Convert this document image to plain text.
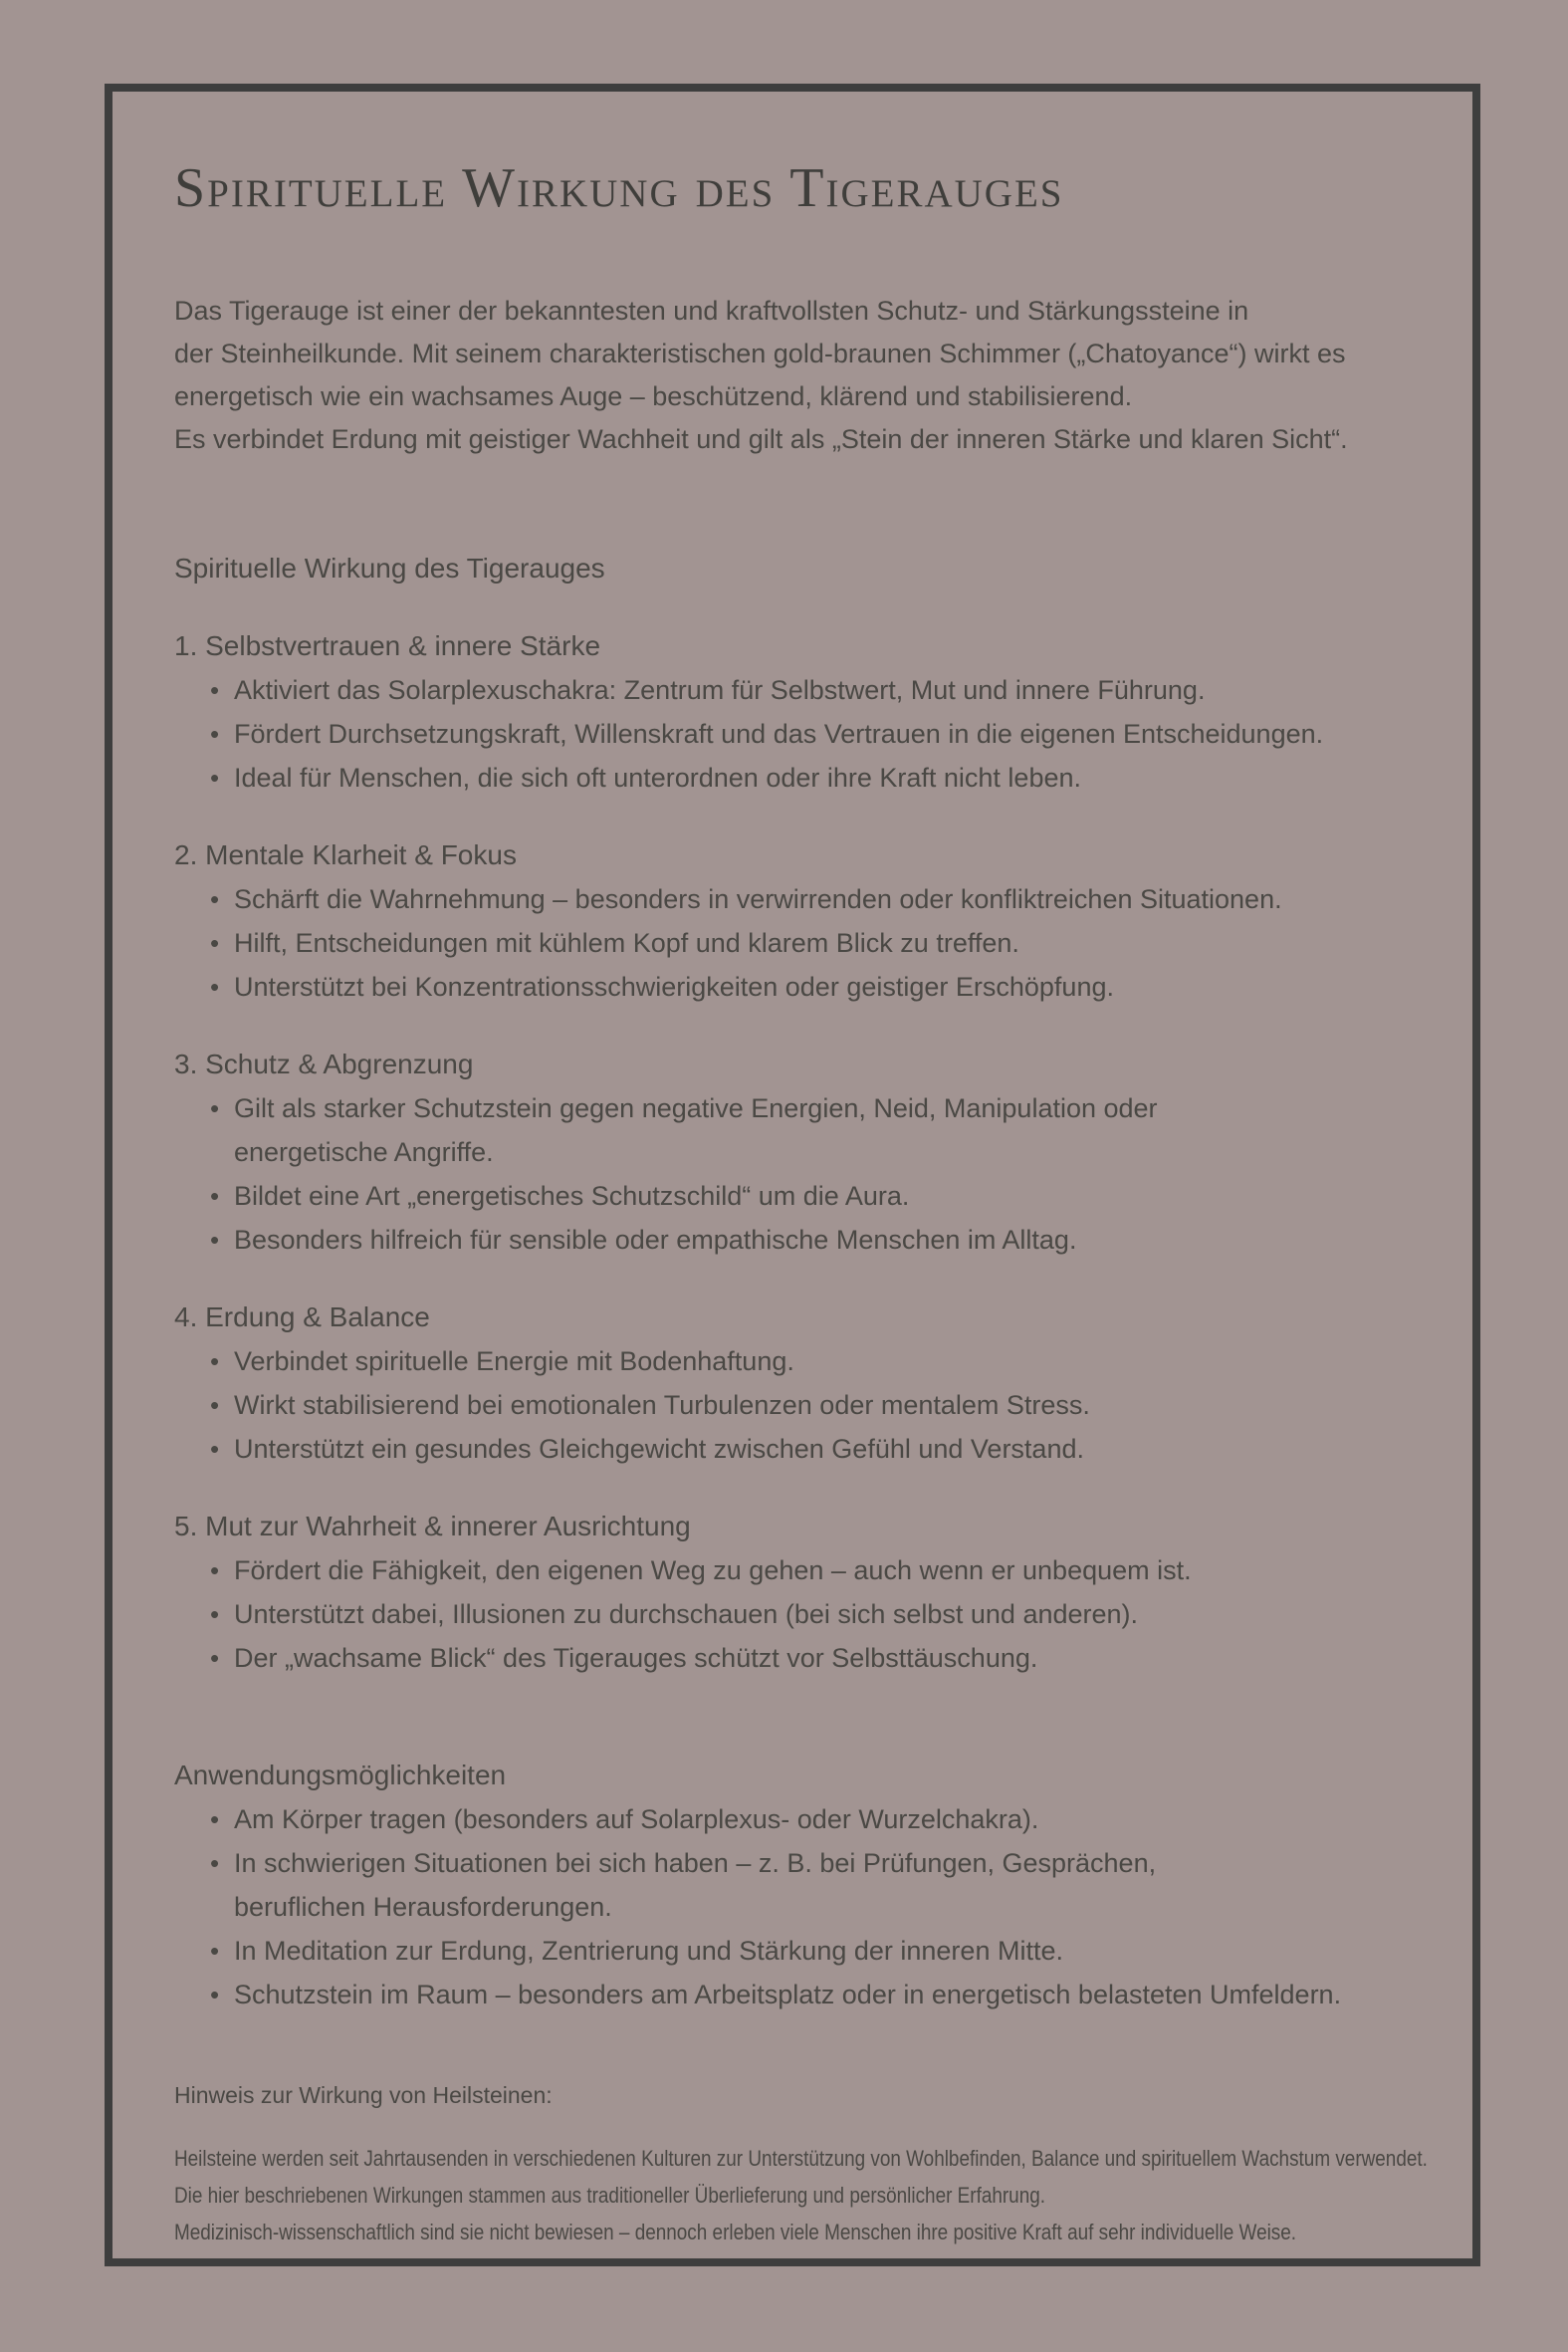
Spirituelle Wirkung des Tigerauges
Das Tigerauge ist einer der bekanntesten und kraftvollsten Schutz- und Stärkungssteine in
der Steinheilkunde. Mit seinem charakteristischen gold-braunen Schimmer („Chatoyance“) wirkt es
energetisch wie ein wachsames Auge – beschützend, klärend und stabilisierend.
Es verbindet Erdung mit geistiger Wachheit und gilt als „Stein der inneren Stärke und klaren Sicht“.
Spirituelle Wirkung des Tigerauges
1. Selbstvertrauen & innere Stärke
• Aktiviert das Solarplexuschakra: Zentrum für Selbstwert, Mut und innere Führung.
• Fördert Durchsetzungskraft, Willenskraft und das Vertrauen in die eigenen Entscheidungen.
• Ideal für Menschen, die sich oft unterordnen oder ihre Kraft nicht leben.
2. Mentale Klarheit & Fokus
• Schärft die Wahrnehmung – besonders in verwirrenden oder konfliktreichen Situationen.
• Hilft, Entscheidungen mit kühlem Kopf und klarem Blick zu treffen.
• Unterstützt bei Konzentrationsschwierigkeiten oder geistiger Erschöpfung.
3. Schutz & Abgrenzung
• Gilt als starker Schutzstein gegen negative Energien, Neid, Manipulation oder
energetische Angriffe.
• Bildet eine Art „energetisches Schutzschild“ um die Aura.
• Besonders hilfreich für sensible oder empathische Menschen im Alltag.
4. Erdung & Balance
• Verbindet spirituelle Energie mit Bodenhaftung.
• Wirkt stabilisierend bei emotionalen Turbulenzen oder mentalem Stress.
• Unterstützt ein gesundes Gleichgewicht zwischen Gefühl und Verstand.
5. Mut zur Wahrheit & innerer Ausrichtung
• Fördert die Fähigkeit, den eigenen Weg zu gehen – auch wenn er unbequem ist.
• Unterstützt dabei, Illusionen zu durchschauen (bei sich selbst und anderen).
• Der „wachsame Blick“ des Tigerauges schützt vor Selbsttäuschung.
Anwendungsmöglichkeiten
• Am Körper tragen (besonders auf Solarplexus- oder Wurzelchakra).
• In schwierigen Situationen bei sich haben – z. B. bei Prüfungen, Gesprächen,
beruflichen Herausforderungen.
• In Meditation zur Erdung, Zentrierung und Stärkung der inneren Mitte.
• Schutzstein im Raum – besonders am Arbeitsplatz oder in energetisch belasteten Umfeldern.
Hinweis zur Wirkung von Heilsteinen:
Heilsteine werden seit Jahrtausenden in verschiedenen Kulturen zur Unterstützung von Wohlbefinden, Balance und spirituellem Wachstum verwendet.
Die hier beschriebenen Wirkungen stammen aus traditioneller Überlieferung und persönlicher Erfahrung.
Medizinisch-wissenschaftlich sind sie nicht bewiesen – dennoch erleben viele Menschen ihre positive Kraft auf sehr individuelle Weise.
